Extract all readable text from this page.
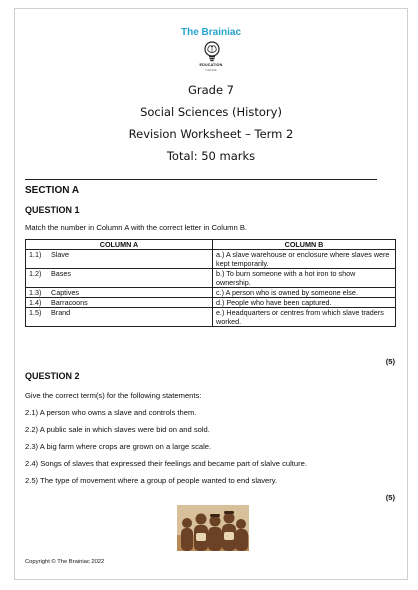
The Brainiac
EDUCATION
ONLINE
Grade 7
Social Sciences (History)
Revision Worksheet – Term 2
Total: 50 marks
SECTION A
QUESTION 1
Match the number in Column A with the correct letter in Column B.
COLUMN A	COLUMN B
1.1) Slave	a.) A slave warehouse or enclosure where slaves were kept temporarily.
1.2) Bases	b.) To burn someone with a hot iron to show ownership.
1.3) Captives	c.) A person who is owned by someone else.
1.4) Barracoons	d.) People who have been captured.
1.5) Brand	e.) Headquarters or centres from which slave traders worked.
(5)
QUESTION 2
Give the correct term(s) for the following statements:
2.1) A person who owns a slave and controls them.
2.2) A public sale in which slaves were bid on and sold.
2.3) A big farm where crops are grown on a large scale.
2.4) Songs of slaves that expressed their feelings and became part of slalve culture.
2.5) The type of movement where a group of people wanted to end slavery.
(5)
Copyright © The Brainiac 2022
